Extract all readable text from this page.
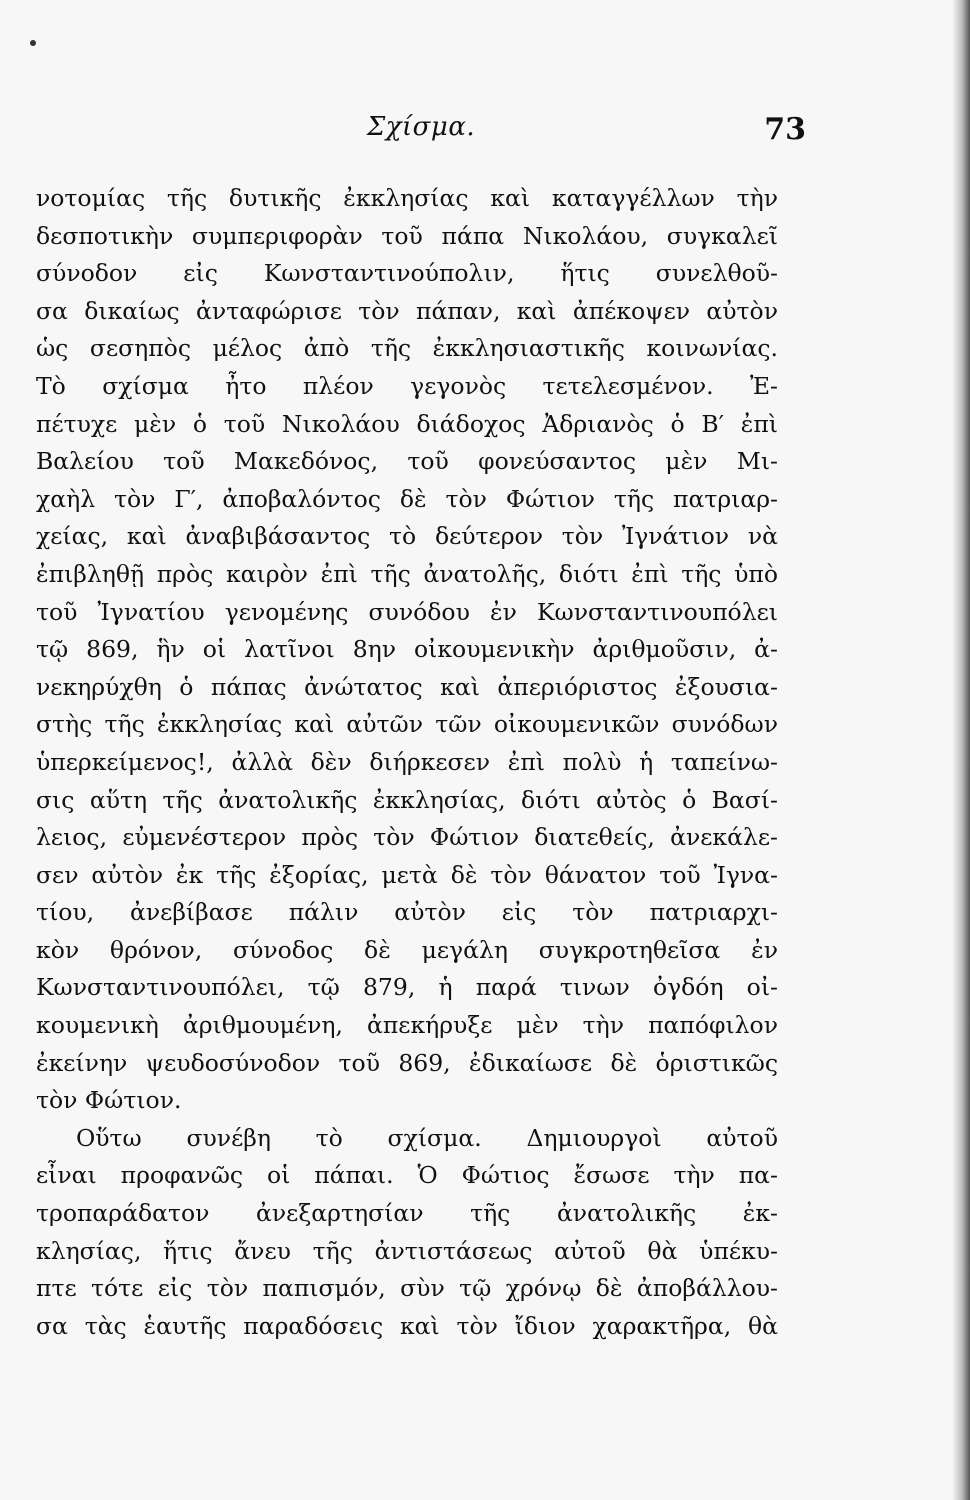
Σχίσμα.	73
νοτομίας τῆς δυτικῆς ἐκκλησίας καὶ καταγγέλλων τὴν
δεσποτικὴν συμπεριφορὰν τοῦ πάπα Νικολάου, συγκαλεῖ
σύνοδον εἰς Κωνσταντινούπολιν, ἥτις συνελθοῦ-
σα δικαίως ἀνταφώρισε τὸν πάπαν, καὶ ἀπέκοψεν αὐτὸν
ὡς σεσηπὸς μέλος ἀπὸ τῆς ἐκκλησιαστικῆς κοινωνίας.
Τὸ σχίσμα ἦτο πλέον γεγονὸς τετελεσμένον. Ἐ-
πέτυχε μὲν ὁ τοῦ Νικολάου διάδοχος Ἀδριανὸς ὁ Β′ ἐπὶ
Βαλείου τοῦ Μακεδόνος, τοῦ φονεύσαντος μὲν Μι-
χαὴλ τὸν Γ′, ἀποβαλόντος δὲ τὸν Φώτιον τῆς πατριαρ-
χείας, καὶ ἀναβιβάσαντος τὸ δεύτερον τὸν Ἰγνάτιον νὰ
ἐπιβληθῇ πρὸς καιρὸν ἐπὶ τῆς ἀνατολῆς, διότι ἐπὶ τῆς ὑπὸ
τοῦ Ἰγνατίου γενομένης συνόδου ἐν Κωνσταντινουπόλει
τῷ 869, ἣν οἱ λατῖνοι 8ην οἰκουμενικὴν ἀριθμοῦσιν, ἀ-
νεκηρύχθη ὁ πάπας ἀνώτατος καὶ ἀπεριόριστος ἐξουσια-
στὴς τῆς ἐκκλησίας καὶ αὐτῶν τῶν οἰκουμενικῶν συνόδων
ὑπερκείμενος!, ἀλλὰ δὲν διήρκεσεν ἐπὶ πολὺ ἡ ταπείνω-
σις αὕτη τῆς ἀνατολικῆς ἐκκλησίας, διότι αὐτὸς ὁ Βασί-
λειος, εὐμενέστερον πρὸς τὸν Φώτιον διατεθείς, ἀνεκάλε-
σεν αὐτὸν ἐκ τῆς ἐξορίας, μετὰ δὲ τὸν θάνατον τοῦ Ἰγνα-
τίου, ἀνεβίβασε πάλιν αὐτὸν εἰς τὸν πατριαρχι-
κὸν θρόνον, σύνοδος δὲ μεγάλη συγκροτηθεῖσα ἐν
Κωνσταντινουπόλει, τῷ 879, ἡ παρά τινων ὀγδόη οἰ-
κουμενικὴ ἀριθμουμένη, ἀπεκήρυξε μὲν τὴν παπόφιλον
ἐκείνην ψευδοσύνοδον τοῦ 869, ἐδικαίωσε δὲ ὁριστικῶς
τὸν Φώτιον.
Οὕτω συνέβη τὸ σχίσμα. Δημιουργοὶ αὐτοῦ
εἶναι προφανῶς οἱ πάπαι. Ὁ Φώτιος ἔσωσε τὴν πα-
τροπαράδατον ἀνεξαρτησίαν τῆς ἀνατολικῆς ἐκ-
κλησίας, ἥτις ἄνευ τῆς ἀντιστάσεως αὐτοῦ θὰ ὑπέκυ-
πτε τότε εἰς τὸν παπισμόν, σὺν τῷ χρόνῳ δὲ ἀποβάλλου-
σα τὰς ἑαυτῆς παραδόσεις καὶ τὸν ἴδιον χαρακτῆρα, θὰ
